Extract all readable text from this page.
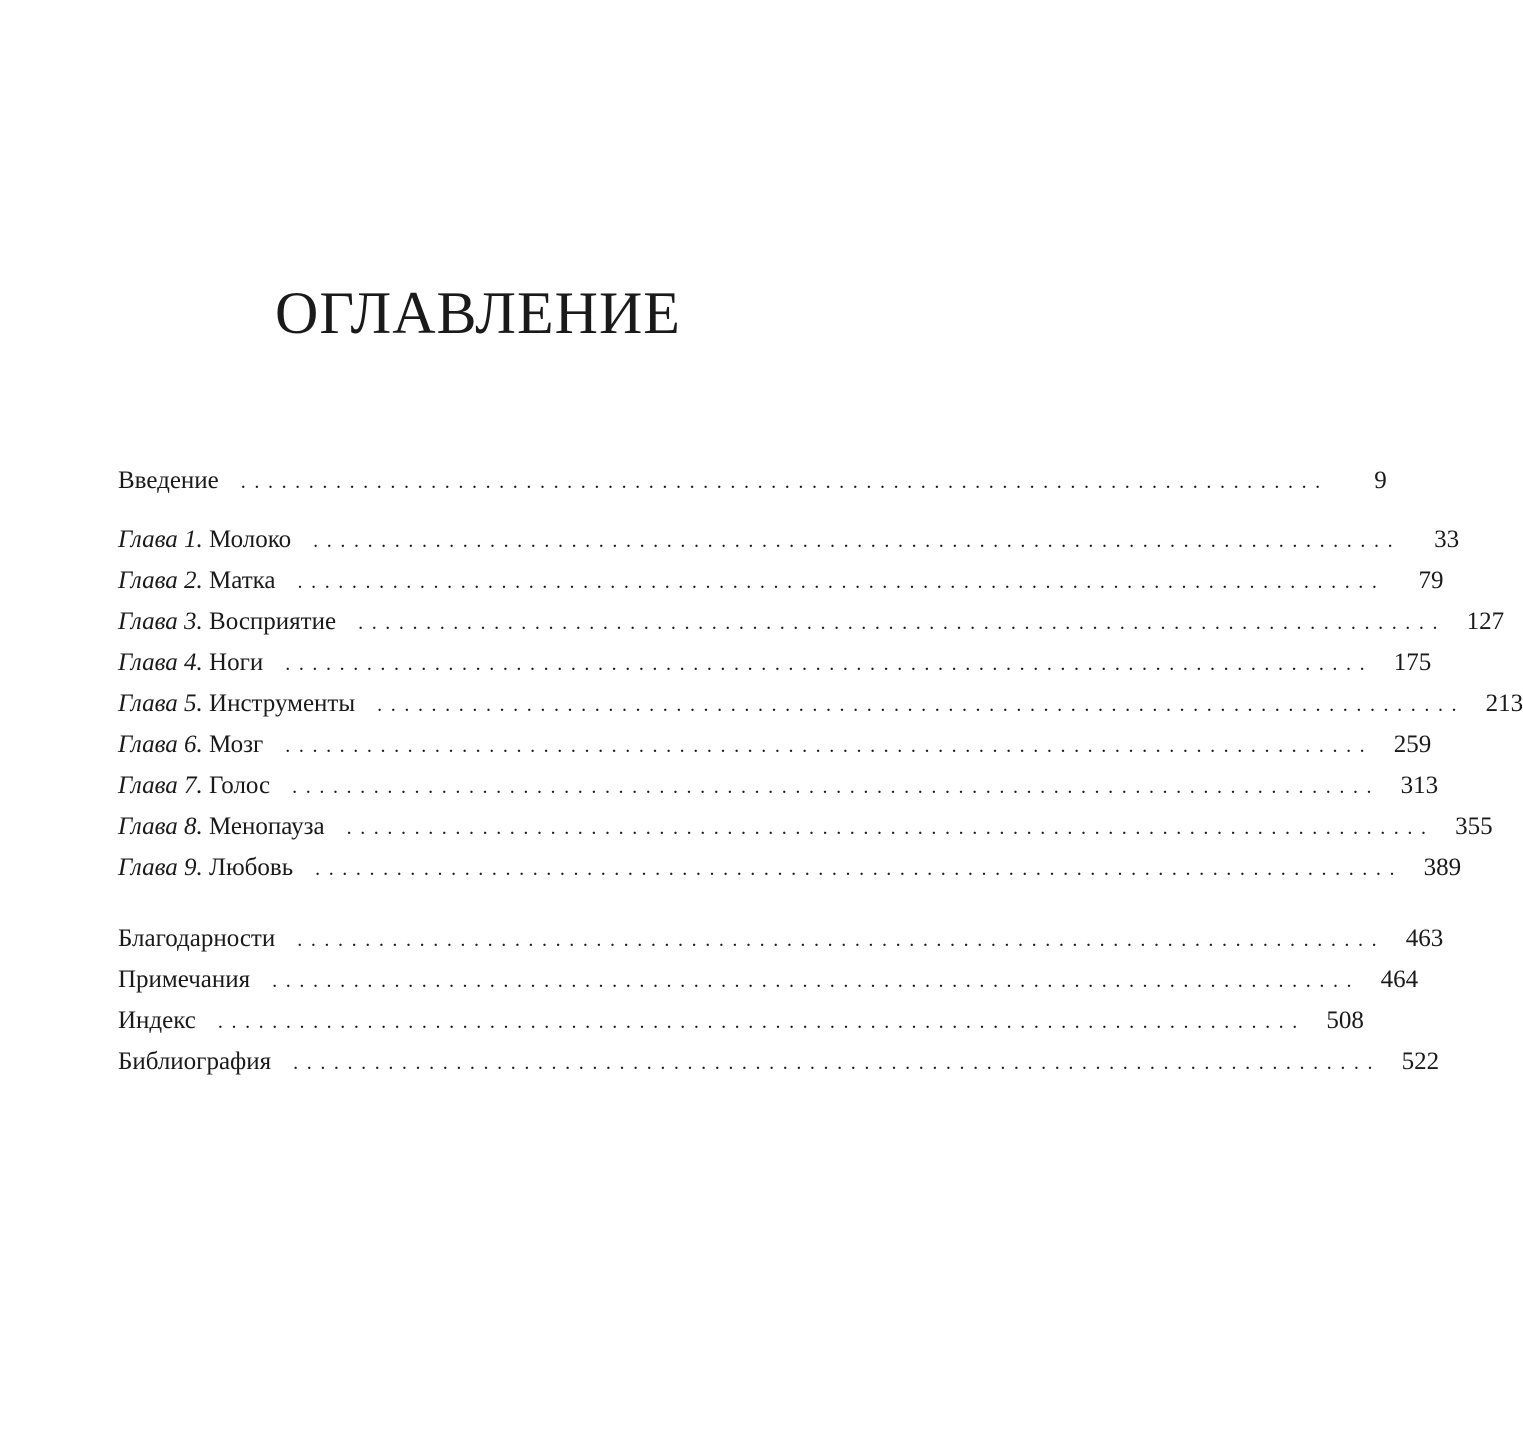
ОГЛАВЛЕНИЕ
Введение ................................................................................	9
Глава 1. Молоко ................................................................................	33
Глава 2. Матка ................................................................................	79
Глава 3. Восприятие ................................................................................ 127
Глава 4. Ноги ................................................................................ 175
Глава 5. Инструменты ................................................................................ 213
Глава 6. Мозг ................................................................................ 259
Глава 7. Голос ................................................................................ 313
Глава 8. Менопауза ................................................................................ 355
Глава 9. Любовь ................................................................................ 389
Благодарности ................................................................................ 463
Примечания ................................................................................ 464
Индекс ................................................................................ 508
Библиография ................................................................................ 522
